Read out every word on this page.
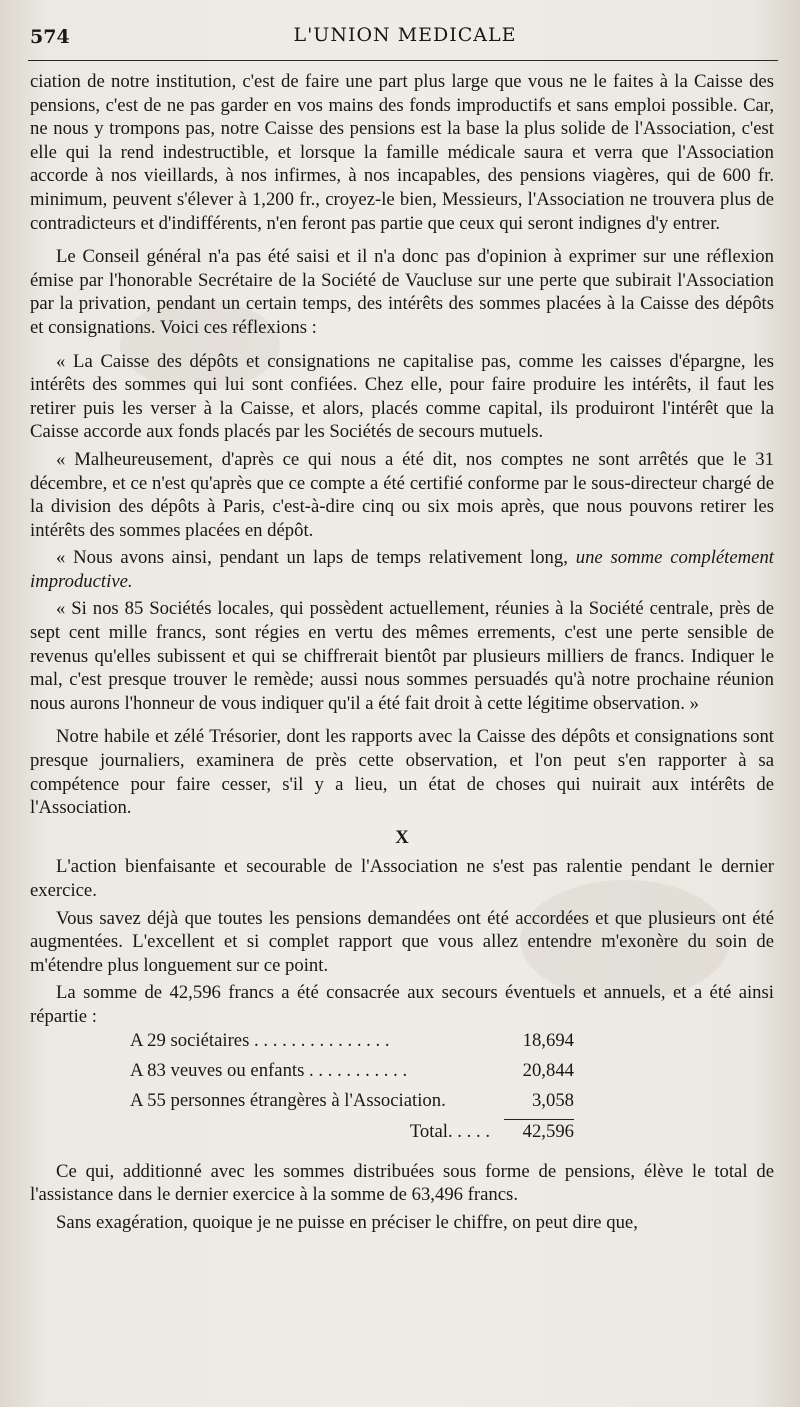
574	L'UNION MEDICALE

ciation de notre institution, c'est de faire une part plus large que vous ne le faites à la Caisse des pensions, c'est de ne pas garder en vos mains des fonds improductifs et sans emploi possible. Car, ne nous y trompons pas, notre Caisse des pensions est la base la plus solide de l'Association, c'est elle qui la rend indestructible, et lorsque la famille médicale saura et verra que l'Association accorde à nos vieillards, à nos infirmes, à nos incapables, des pensions viagères, qui de 600 fr. minimum, peuvent s'élever à 1,200 fr., croyez-le bien, Messieurs, l'Association ne trouvera plus de contradicteurs et d'indifférents, n'en feront pas partie que ceux qui seront indignes d'y entrer.

Le Conseil général n'a pas été saisi et il n'a donc pas d'opinion à exprimer sur une réflexion émise par l'honorable Secrétaire de la Société de Vaucluse sur une perte que subirait l'Association par la privation, pendant un certain temps, des intérêts des sommes placées à la Caisse des dépôts et consignations. Voici ces réflexions :

« La Caisse des dépôts et consignations ne capitalise pas, comme les caisses d'épargne, les intérêts des sommes qui lui sont confiées. Chez elle, pour faire produire les intérêts, il faut les retirer puis les verser à la Caisse, et alors, placés comme capital, ils produiront l'intérêt que la Caisse accorde aux fonds placés par les Sociétés de secours mutuels.

« Malheureusement, d'après ce qui nous a été dit, nos comptes ne sont arrêtés que le 31 décembre, et ce n'est qu'après que ce compte a été certifié conforme par le sous-directeur chargé de la division des dépôts à Paris, c'est-à-dire cinq ou six mois après, que nous pouvons retirer les intérêts des sommes placées en dépôt.

« Nous avons ainsi, pendant un laps de temps relativement long, une somme complétement improductive.

« Si nos 85 Sociétés locales, qui possèdent actuellement, réunies à la Société centrale, près de sept cent mille francs, sont régies en vertu des mêmes errements, c'est une perte sensible de revenus qu'elles subissent et qui se chiffrerait bientôt par plusieurs milliers de francs. Indiquer le mal, c'est presque trouver le remède; aussi nous sommes persuadés qu'à notre prochaine réunion nous aurons l'honneur de vous indiquer qu'il a été fait droit à cette légitime observation. »

Notre habile et zélé Trésorier, dont les rapports avec la Caisse des dépôts et consignations sont presque journaliers, examinera de près cette observation, et l'on peut s'en rapporter à sa compétence pour faire cesser, s'il y a lieu, un état de choses qui nuirait aux intérêts de l'Association.

X

L'action bienfaisante et secourable de l'Association ne s'est pas ralentie pendant le dernier exercice.

Vous savez déjà que toutes les pensions demandées ont été accordées et que plusieurs ont été augmentées. L'excellent et si complet rapport que vous allez entendre m'exonère du soin de m'étendre plus longuement sur ce point.

La somme de 42,596 francs a été consacrée aux secours éventuels et annuels, et a été ainsi répartie :

A 29 sociétaires . . . . . . . . . . . . . . .	18,694
A 83 veuves ou enfants . . . . . . . . . . .	20,844
A 55 personnes étrangères à l'Association.	3,058
Total. . . . .	42,596

Ce qui, additionné avec les sommes distribuées sous forme de pensions, élève le total de l'assistance dans le dernier exercice à la somme de 63,496 francs.

Sans exagération, quoique je ne puisse en préciser le chiffre, on peut dire que,
